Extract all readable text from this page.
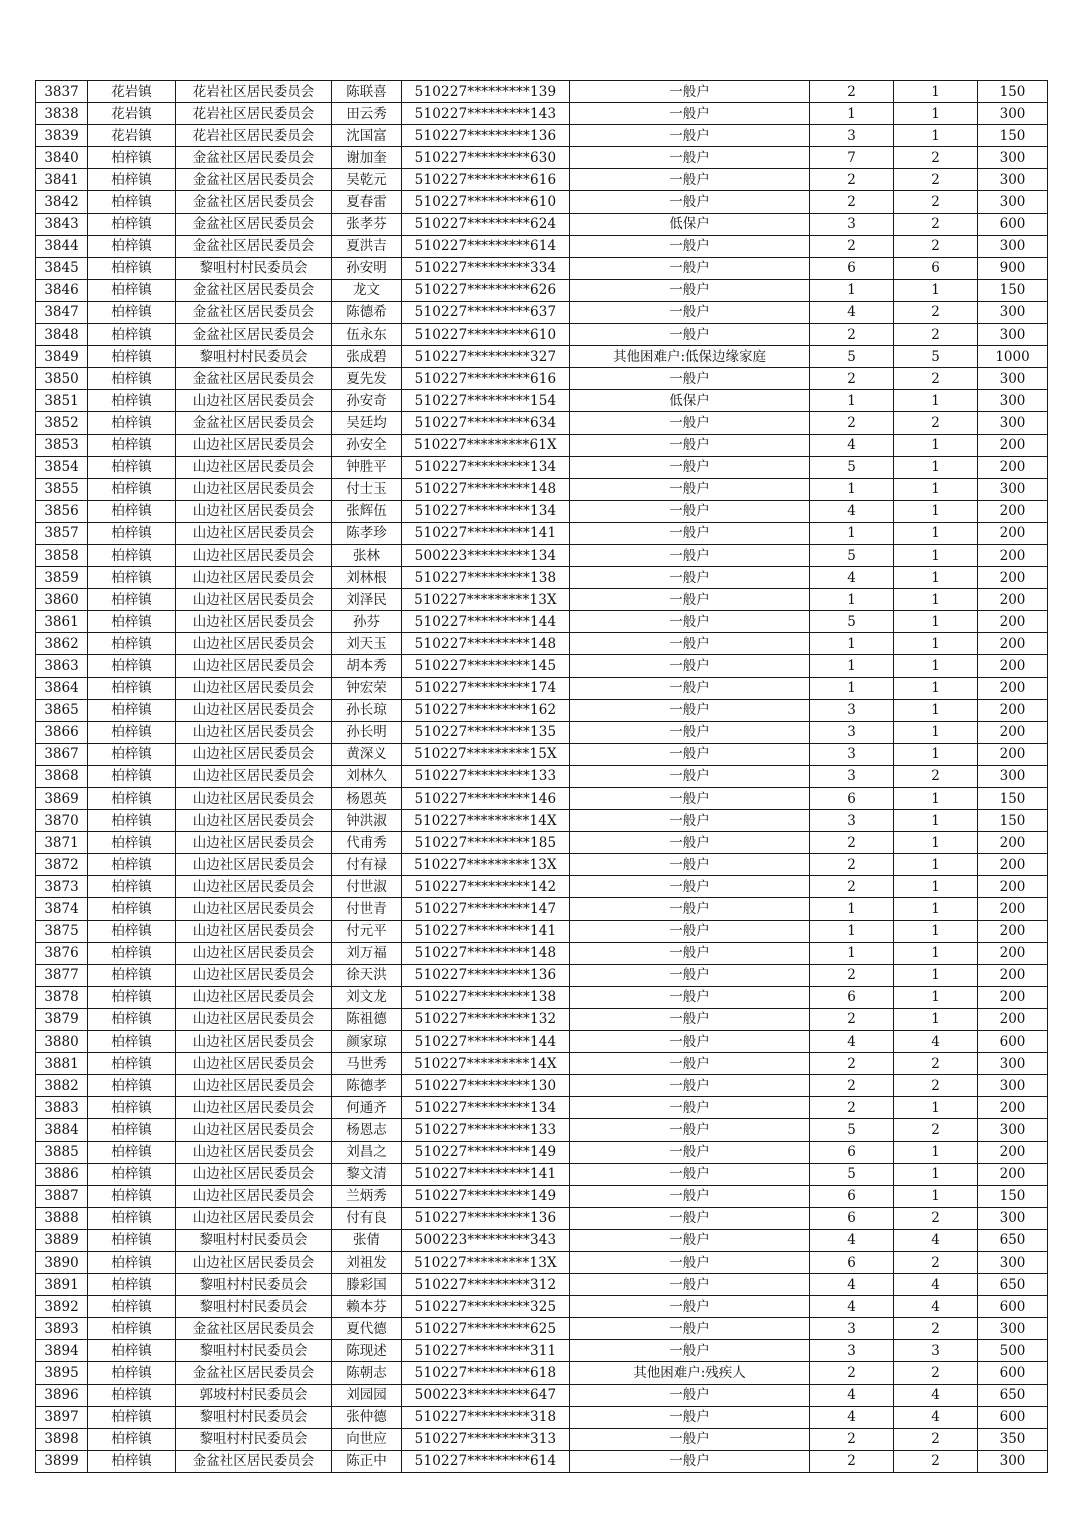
3837	花岩镇	花岩社区居民委员会	陈联喜	510227*********139	一般户	2	1	150
3838	花岩镇	花岩社区居民委员会	田云秀	510227*********143	一般户	1	1	300
3839	花岩镇	花岩社区居民委员会	沈国富	510227*********136	一般户	3	1	150
3840	柏梓镇	金盆社区居民委员会	谢加奎	510227*********630	一般户	7	2	300
3841	柏梓镇	金盆社区居民委员会	吴乾元	510227*********616	一般户	2	2	300
3842	柏梓镇	金盆社区居民委员会	夏春雷	510227*********610	一般户	2	2	300
3843	柏梓镇	金盆社区居民委员会	张孝芬	510227*********624	低保户	3	2	600
3844	柏梓镇	金盆社区居民委员会	夏洪吉	510227*********614	一般户	2	2	300
3845	柏梓镇	黎咀村村民委员会	孙安明	510227*********334	一般户	6	6	900
3846	柏梓镇	金盆社区居民委员会	龙文	510227*********626	一般户	1	1	150
3847	柏梓镇	金盆社区居民委员会	陈德希	510227*********637	一般户	4	2	300
3848	柏梓镇	金盆社区居民委员会	伍永东	510227*********610	一般户	2	2	300
3849	柏梓镇	黎咀村村民委员会	张成碧	510227*********327	其他困难户:低保边缘家庭	5	5	1000
3850	柏梓镇	金盆社区居民委员会	夏先发	510227*********616	一般户	2	2	300
3851	柏梓镇	山边社区居民委员会	孙安奇	510227*********154	低保户	1	1	300
3852	柏梓镇	金盆社区居民委员会	吴廷均	510227*********634	一般户	2	2	300
3853	柏梓镇	山边社区居民委员会	孙安全	510227*********61X	一般户	4	1	200
3854	柏梓镇	山边社区居民委员会	钟胜平	510227*********134	一般户	5	1	200
3855	柏梓镇	山边社区居民委员会	付士玉	510227*********148	一般户	1	1	300
3856	柏梓镇	山边社区居民委员会	张辉伍	510227*********134	一般户	4	1	200
3857	柏梓镇	山边社区居民委员会	陈孝珍	510227*********141	一般户	1	1	200
3858	柏梓镇	山边社区居民委员会	张林	500223*********134	一般户	5	1	200
3859	柏梓镇	山边社区居民委员会	刘林根	510227*********138	一般户	4	1	200
3860	柏梓镇	山边社区居民委员会	刘泽民	510227*********13X	一般户	1	1	200
3861	柏梓镇	山边社区居民委员会	孙芬	510227*********144	一般户	5	1	200
3862	柏梓镇	山边社区居民委员会	刘天玉	510227*********148	一般户	1	1	200
3863	柏梓镇	山边社区居民委员会	胡本秀	510227*********145	一般户	1	1	200
3864	柏梓镇	山边社区居民委员会	钟宏荣	510227*********174	一般户	1	1	200
3865	柏梓镇	山边社区居民委员会	孙长琼	510227*********162	一般户	3	1	200
3866	柏梓镇	山边社区居民委员会	孙长明	510227*********135	一般户	3	1	200
3867	柏梓镇	山边社区居民委员会	黄深义	510227*********15X	一般户	3	1	200
3868	柏梓镇	山边社区居民委员会	刘林久	510227*********133	一般户	3	2	300
3869	柏梓镇	山边社区居民委员会	杨恩英	510227*********146	一般户	6	1	150
3870	柏梓镇	山边社区居民委员会	钟洪淑	510227*********14X	一般户	3	1	150
3871	柏梓镇	山边社区居民委员会	代甫秀	510227*********185	一般户	2	1	200
3872	柏梓镇	山边社区居民委员会	付有禄	510227*********13X	一般户	2	1	200
3873	柏梓镇	山边社区居民委员会	付世淑	510227*********142	一般户	2	1	200
3874	柏梓镇	山边社区居民委员会	付世青	510227*********147	一般户	1	1	200
3875	柏梓镇	山边社区居民委员会	付元平	510227*********141	一般户	1	1	200
3876	柏梓镇	山边社区居民委员会	刘万福	510227*********148	一般户	1	1	200
3877	柏梓镇	山边社区居民委员会	徐天洪	510227*********136	一般户	2	1	200
3878	柏梓镇	山边社区居民委员会	刘文龙	510227*********138	一般户	6	1	200
3879	柏梓镇	山边社区居民委员会	陈祖德	510227*********132	一般户	2	1	200
3880	柏梓镇	山边社区居民委员会	颜家琼	510227*********144	一般户	4	4	600
3881	柏梓镇	山边社区居民委员会	马世秀	510227*********14X	一般户	2	2	300
3882	柏梓镇	山边社区居民委员会	陈德孝	510227*********130	一般户	2	2	300
3883	柏梓镇	山边社区居民委员会	何通齐	510227*********134	一般户	2	1	200
3884	柏梓镇	山边社区居民委员会	杨恩志	510227*********133	一般户	5	2	300
3885	柏梓镇	山边社区居民委员会	刘昌之	510227*********149	一般户	6	1	200
3886	柏梓镇	山边社区居民委员会	黎文清	510227*********141	一般户	5	1	200
3887	柏梓镇	山边社区居民委员会	兰炳秀	510227*********149	一般户	6	1	150
3888	柏梓镇	山边社区居民委员会	付有良	510227*********136	一般户	6	2	300
3889	柏梓镇	黎咀村村民委员会	张倩	500223*********343	一般户	4	4	650
3890	柏梓镇	山边社区居民委员会	刘祖发	510227*********13X	一般户	6	2	300
3891	柏梓镇	黎咀村村民委员会	滕彩国	510227*********312	一般户	4	4	650
3892	柏梓镇	黎咀村村民委员会	赖本芬	510227*********325	一般户	4	4	600
3893	柏梓镇	金盆社区居民委员会	夏代德	510227*********625	一般户	3	2	300
3894	柏梓镇	黎咀村村民委员会	陈现述	510227*********311	一般户	3	3	500
3895	柏梓镇	金盆社区居民委员会	陈朝志	510227*********618	其他困难户:残疾人	2	2	600
3896	柏梓镇	郭坡村村民委员会	刘园园	500223*********647	一般户	4	4	650
3897	柏梓镇	黎咀村村民委员会	张仲德	510227*********318	一般户	4	4	600
3898	柏梓镇	黎咀村村民委员会	向世应	510227*********313	一般户	2	2	350
3899	柏梓镇	金盆社区居民委员会	陈正中	510227*********614	一般户	2	2	300
